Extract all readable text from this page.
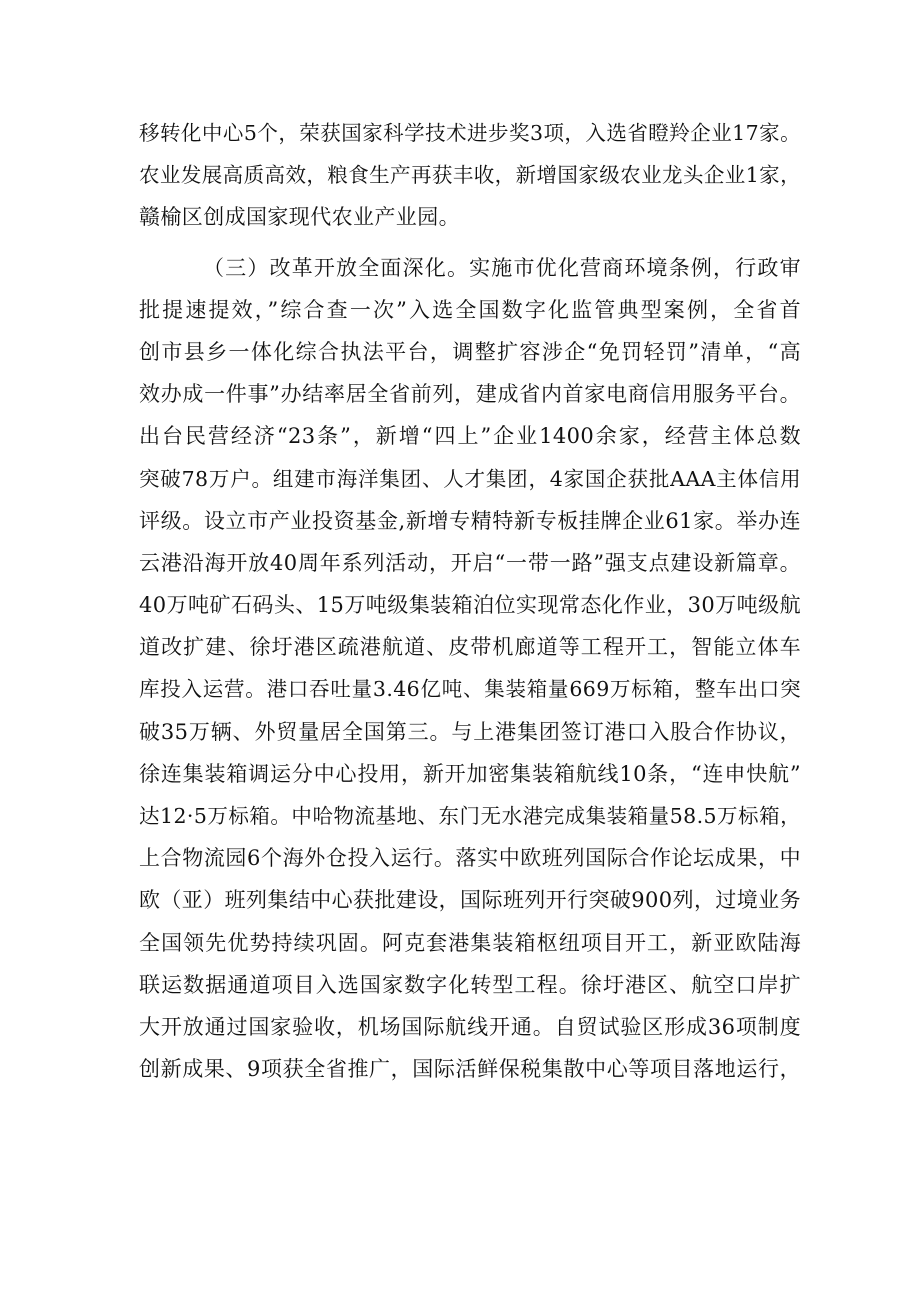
移转化中心5个，荣获国家科学技术进步奖3项，入选省瞪羚企业17家。
农业发展高质高效，粮食生产再获丰收，新增国家级农业龙头企业1家，
赣榆区创成国家现代农业产业园。
（三）改革开放全面深化。实施市优化营商环境条例，行政审
批提速提效，”综合查一次”入选全国数字化监管典型案例，全省首
创市县乡一体化综合执法平台，调整扩容涉企“免罚轻罚”清单，“高
效办成一件事”办结率居全省前列，建成省内首家电商信用服务平台。
出台民营经济“23条”，新增“四上”企业1400余家，经营主体总数
突破78万户。组建市海洋集团、人才集团，4家国企获批AAA主体信用
评级。设立市产业投资基金,新增专精特新专板挂牌企业61家。举办连
云港沿海开放40周年系列活动，开启“一带一路”强支点建设新篇章。
40万吨矿石码头、15万吨级集装箱泊位实现常态化作业，30万吨级航
道改扩建、徐圩港区疏港航道、皮带机廊道等工程开工，智能立体车
库投入运营。港口吞吐量3.46亿吨、集装箱量669万标箱，整车出口突
破35万辆、外贸量居全国第三。与上港集团签订港口入股合作协议，
徐连集装箱调运分中心投用，新开加密集装箱航线10条，“连申快航”
达12·5万标箱。中哈物流基地、东门无水港完成集装箱量58.5万标箱，
上合物流园6个海外仓投入运行。落实中欧班列国际合作论坛成果，中
欧（亚）班列集结中心获批建设，国际班列开行突破900列，过境业务
全国领先优势持续巩固。阿克套港集装箱枢纽项目开工，新亚欧陆海
联运数据通道项目入选国家数字化转型工程。徐圩港区、航空口岸扩
大开放通过国家验收，机场国际航线开通。自贸试验区形成36项制度
创新成果、9项获全省推广，国际活鲜保税集散中心等项目落地运行，
